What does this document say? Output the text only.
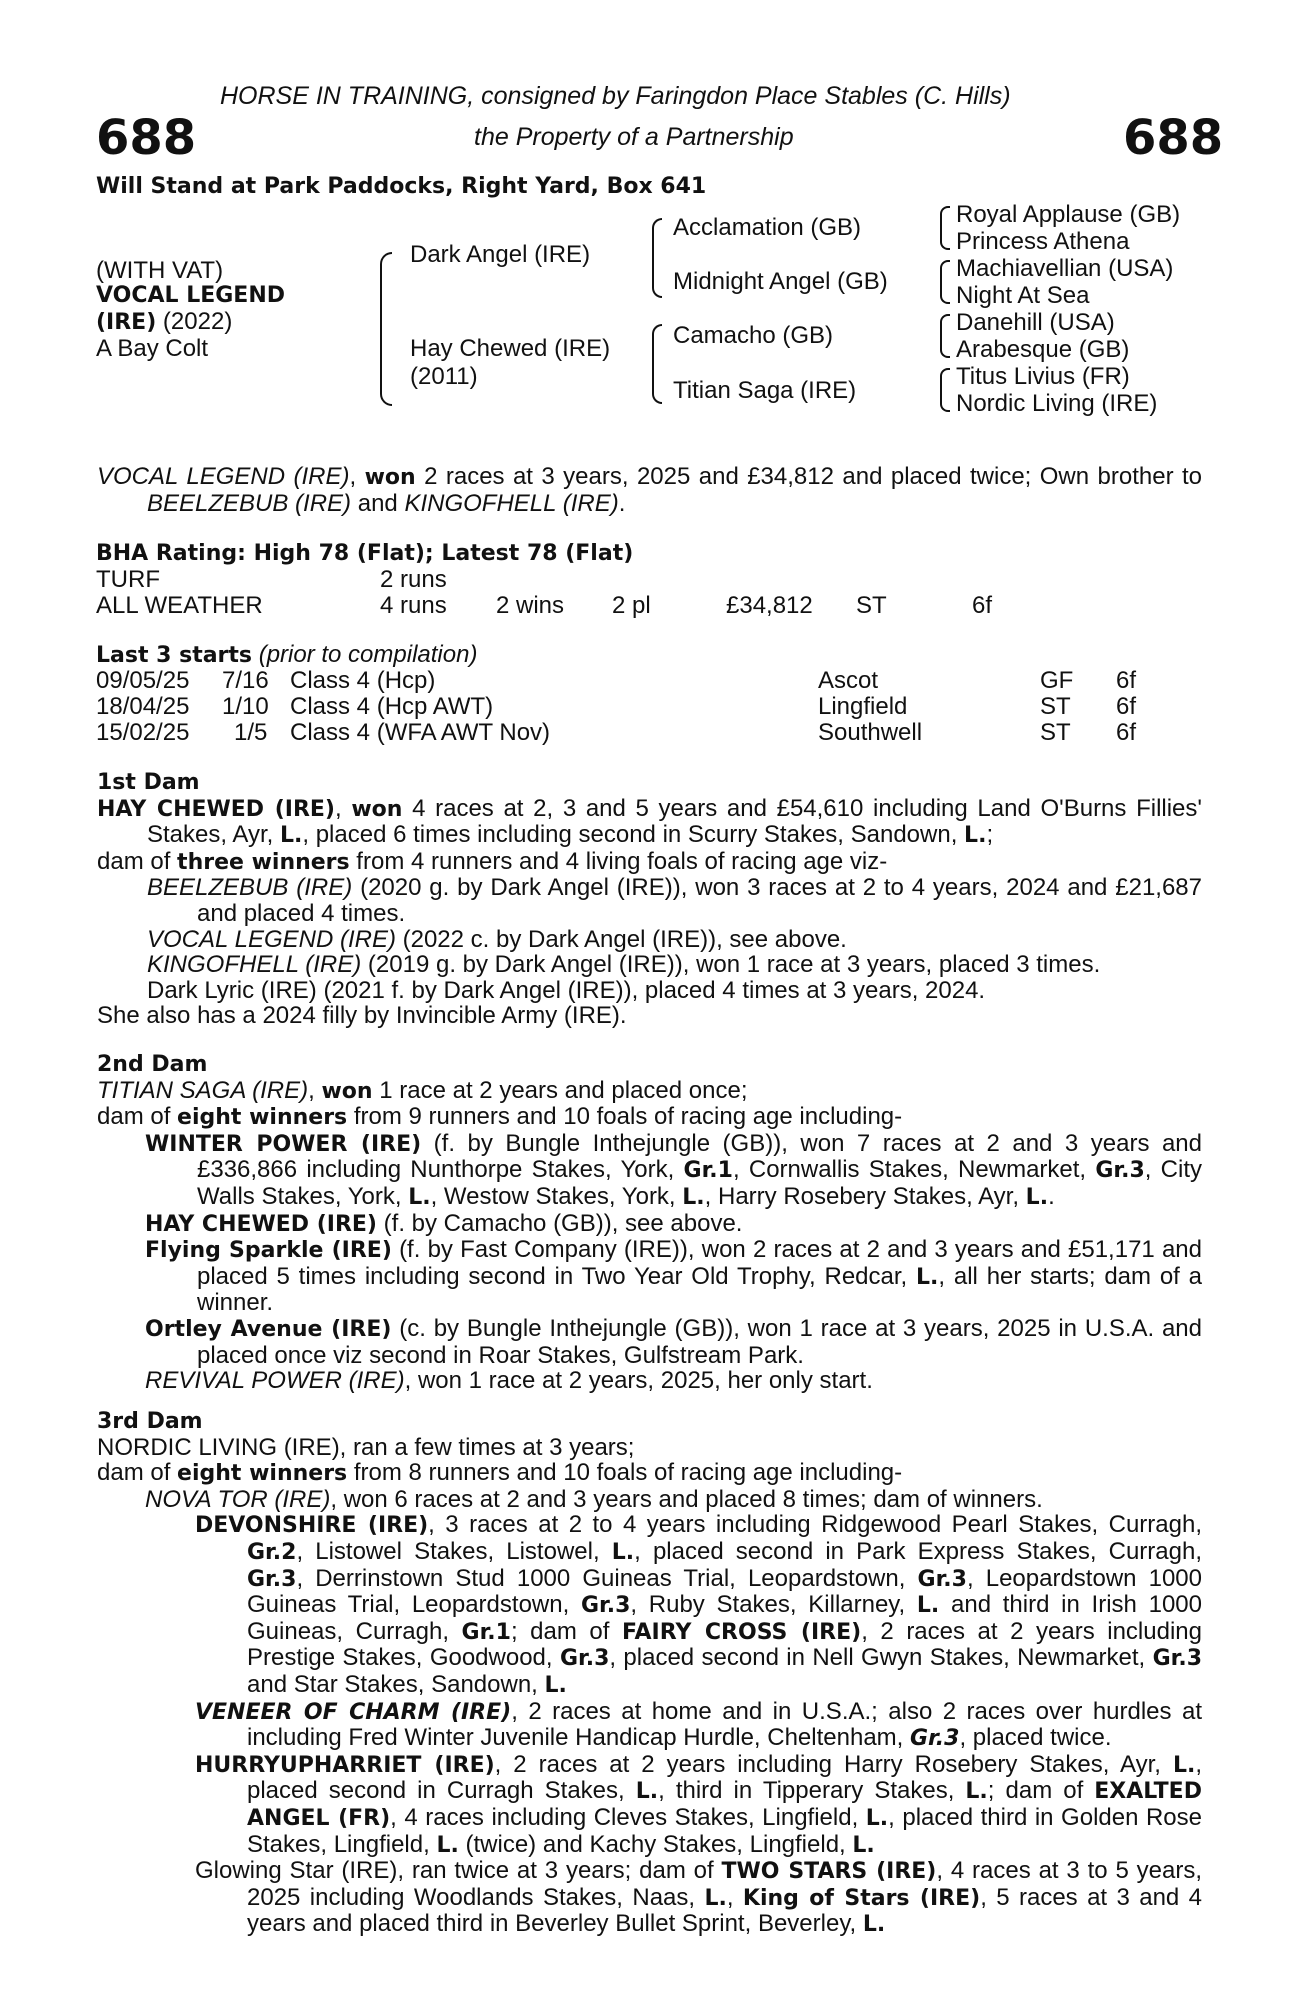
HORSE IN TRAINING, consigned by Faringdon Place Stables (C. Hills)
688	the Property of a Partnership	688
Will Stand at Park Paddocks, Right Yard, Box 641
(WITH VAT)
VOCAL LEGEND
(IRE) (2022)
A Bay Colt
Dark Angel (IRE)
Hay Chewed (IRE)
(2011)
Acclamation (GB)
Midnight Angel (GB)
Camacho (GB)
Titian Saga (IRE)
Royal Applause (GB)
Princess Athena
Machiavellian (USA)
Night At Sea
Danehill (USA)
Arabesque (GB)
Titus Livius (FR)
Nordic Living (IRE)

VOCAL LEGEND (IRE), won 2 races at 3 years, 2025 and £34,812 and placed twice; Own brother to BEELZEBUB (IRE) and KINGOFHELL (IRE).

BHA Rating: High 78 (Flat); Latest 78 (Flat)
TURF	2 runs
ALL WEATHER	4 runs 2 wins 2 pl	£34,812 ST	6f
Last 3 starts (prior to compilation)
09/05/25 7/16 Class 4 (Hcp)	Ascot	GF 6f
18/04/25 1/10 Class 4 (Hcp AWT)	Lingfield	ST 6f
15/02/25 1/5 Class 4 (WFA AWT Nov)	Southwell	ST 6f

1st Dam

HAY CHEWED (IRE), won 4 races at 2, 3 and 5 years and £54,610 including Land O'Burns Fillies' Stakes, Ayr, L., placed 6 times including second in Scurry Stakes, Sandown, L.;

dam of three winners from 4 runners and 4 living foals of racing age viz-

BEELZEBUB (IRE) (2020 g. by Dark Angel (IRE)), won 3 races at 2 to 4 years, 2024 and £21,687 and placed 4 times.

VOCAL LEGEND (IRE) (2022 c. by Dark Angel (IRE)), see above.

KINGOFHELL (IRE) (2019 g. by Dark Angel (IRE)), won 1 race at 3 years, placed 3 times.

Dark Lyric (IRE) (2021 f. by Dark Angel (IRE)), placed 4 times at 3 years, 2024.

She also has a 2024 filly by Invincible Army (IRE).

2nd Dam

TITIAN SAGA (IRE), won 1 race at 2 years and placed once;

dam of eight winners from 9 runners and 10 foals of racing age including-

WINTER POWER (IRE) (f. by Bungle Inthejungle (GB)), won 7 races at 2 and 3 years and £336,866 including Nunthorpe Stakes, York, Gr.1, Cornwallis Stakes, Newmarket, Gr.3, City Walls Stakes, York, L., Westow Stakes, York, L., Harry Rosebery Stakes, Ayr, L..

HAY CHEWED (IRE) (f. by Camacho (GB)), see above.

Flying Sparkle (IRE) (f. by Fast Company (IRE)), won 2 races at 2 and 3 years and £51,171 and placed 5 times including second in Two Year Old Trophy, Redcar, L., all her starts; dam of a winner.

Ortley Avenue (IRE) (c. by Bungle Inthejungle (GB)), won 1 race at 3 years, 2025 in U.S.A. and placed once viz second in Roar Stakes, Gulfstream Park.

REVIVAL POWER (IRE), won 1 race at 2 years, 2025, her only start.

3rd Dam

NORDIC LIVING (IRE), ran a few times at 3 years;

dam of eight winners from 8 runners and 10 foals of racing age including-

NOVA TOR (IRE), won 6 races at 2 and 3 years and placed 8 times; dam of winners.

DEVONSHIRE (IRE), 3 races at 2 to 4 years including Ridgewood Pearl Stakes, Curragh, Gr.2, Listowel Stakes, Listowel, L., placed second in Park Express Stakes, Curragh, Gr.3, Derrinstown Stud 1000 Guineas Trial, Leopardstown, Gr.3, Leopardstown 1000 Guineas Trial, Leopardstown, Gr.3, Ruby Stakes, Killarney, L. and third in Irish 1000 Guineas, Curragh, Gr.1; dam of FAIRY CROSS (IRE), 2 races at 2 years including Prestige Stakes, Goodwood, Gr.3, placed second in Nell Gwyn Stakes, Newmarket, Gr.3 and Star Stakes, Sandown, L.

VENEER OF CHARM (IRE), 2 races at home and in U.S.A.; also 2 races over hurdles at including Fred Winter Juvenile Handicap Hurdle, Cheltenham, Gr.3, placed twice.

HURRYUPHARRIET (IRE), 2 races at 2 years including Harry Rosebery Stakes, Ayr, L., placed second in Curragh Stakes, L., third in Tipperary Stakes, L.; dam of EXALTED ANGEL (FR), 4 races including Cleves Stakes, Lingfield, L., placed third in Golden Rose Stakes, Lingfield, L. (twice) and Kachy Stakes, Lingfield, L.

Glowing Star (IRE), ran twice at 3 years; dam of TWO STARS (IRE), 4 races at 3 to 5 years, 2025 including Woodlands Stakes, Naas, L., King of Stars (IRE), 5 races at 3 and 4 years and placed third in Beverley Bullet Sprint, Beverley, L.
